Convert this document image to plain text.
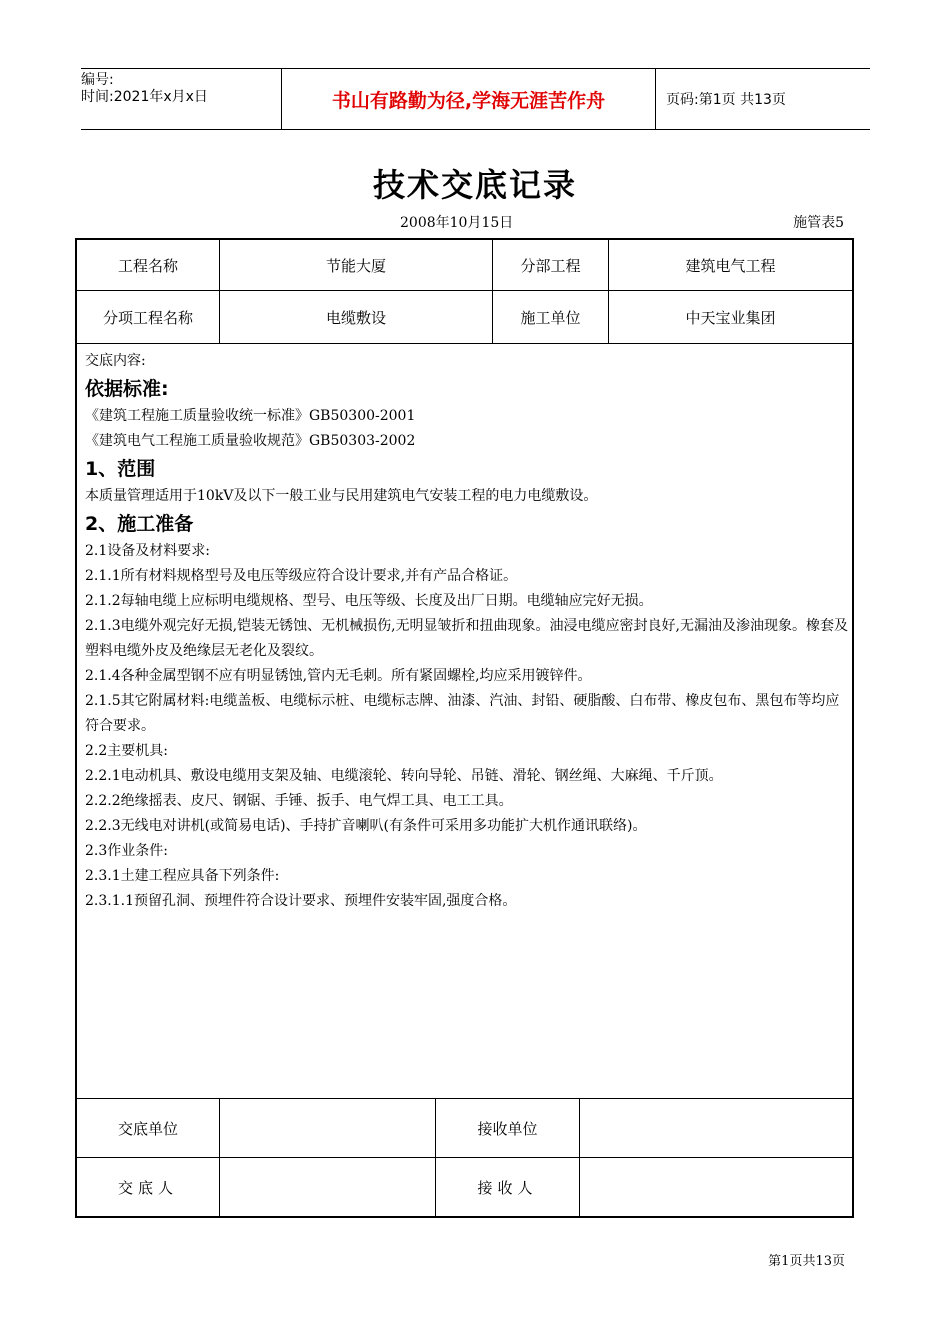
编号:
时间:2021年x月x日	书山有路勤为径,学海无涯苦作舟	页码:第1页 共13页
技术交底记录
2008年10月15日	施管表5
工程名称	节能大厦	分部工程	建筑电气工程
分项工程名称	电缆敷设	施工单位	中天宝业集团
交底内容:
依据标准:
《建筑工程施工质量验收统一标准》GB50300-2001
《建筑电气工程施工质量验收规范》GB50303-2002
1、范围
本质量管理适用于10kV及以下一般工业与民用建筑电气安装工程的电力电缆敷设。
2、施工准备
2.1设备及材料要求:
2.1.1所有材料规格型号及电压等级应符合设计要求,并有产品合格证。
2.1.2每轴电缆上应标明电缆规格、型号、电压等级、长度及出厂日期。电缆轴应完好无损。
2.1.3电缆外观完好无损,铠装无锈蚀、无机械损伤,无明显皱折和扭曲现象。油浸电缆应密封良好,无漏油及渗油现象。橡套及塑料电缆外皮及绝缘层无老化及裂纹。
2.1.4各种金属型钢不应有明显锈蚀,管内无毛刺。所有紧固螺栓,均应采用镀锌件。
2.1.5其它附属材料:电缆盖板、电缆标示桩、电缆标志牌、油漆、汽油、封铅、硬脂酸、白布带、橡皮包布、黑包布等均应符合要求。
2.2主要机具:
2.2.1电动机具、敷设电缆用支架及轴、电缆滚轮、转向导轮、吊链、滑轮、钢丝绳、大麻绳、千斤顶。
2.2.2绝缘摇表、皮尺、钢锯、手锤、扳手、电气焊工具、电工工具。
2.2.3无线电对讲机(或简易电话)、手持扩音喇叭(有条件可采用多功能扩大机作通讯联络)。
2.3作业条件:
2.3.1土建工程应具备下列条件:
2.3.1.1预留孔洞、预埋件符合设计要求、预埋件安装牢固,强度合格。
交底单位	接收单位
交底人	接收人
第1页共13页
